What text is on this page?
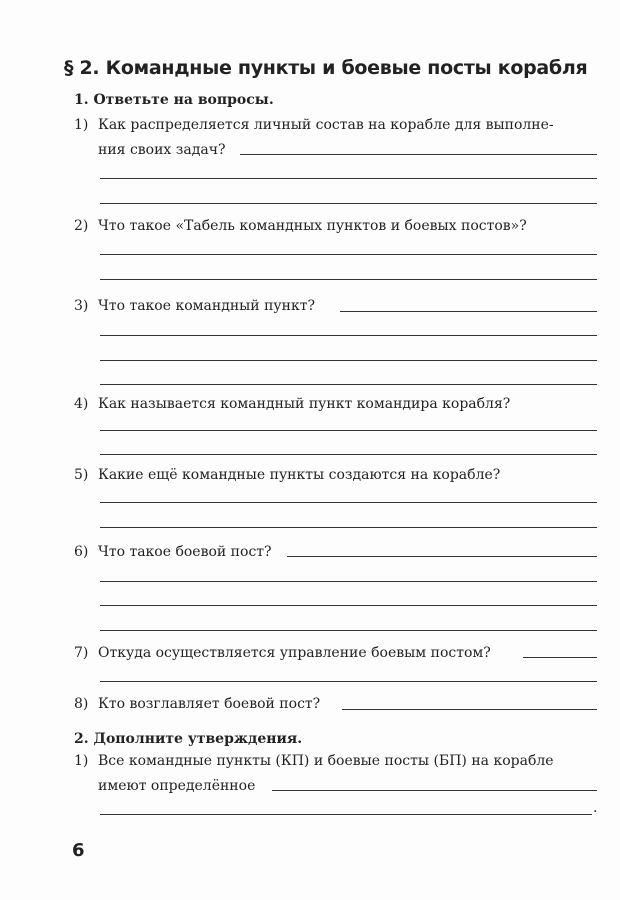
§ 2. Командные пункты и боевые посты корабля
1. Ответьте на вопросы.
1) Как распределяется личный состав на корабле для выполне-
ния своих задач?
2) Что такое «Табель командных пунктов и боевых постов»?
3) Что такое командный пункт?
4) Как называется командный пункт командира корабля?
5) Какие ещё командные пункты создаются на корабле?
6) Что такое боевой пост?
7) Откуда осуществляется управление боевым постом?
8) Кто возглавляет боевой пост?
2. Дополните утверждения.
1) Все командные пункты (КП) и боевые посты (БП) на корабле
имеют определённое
.
6
